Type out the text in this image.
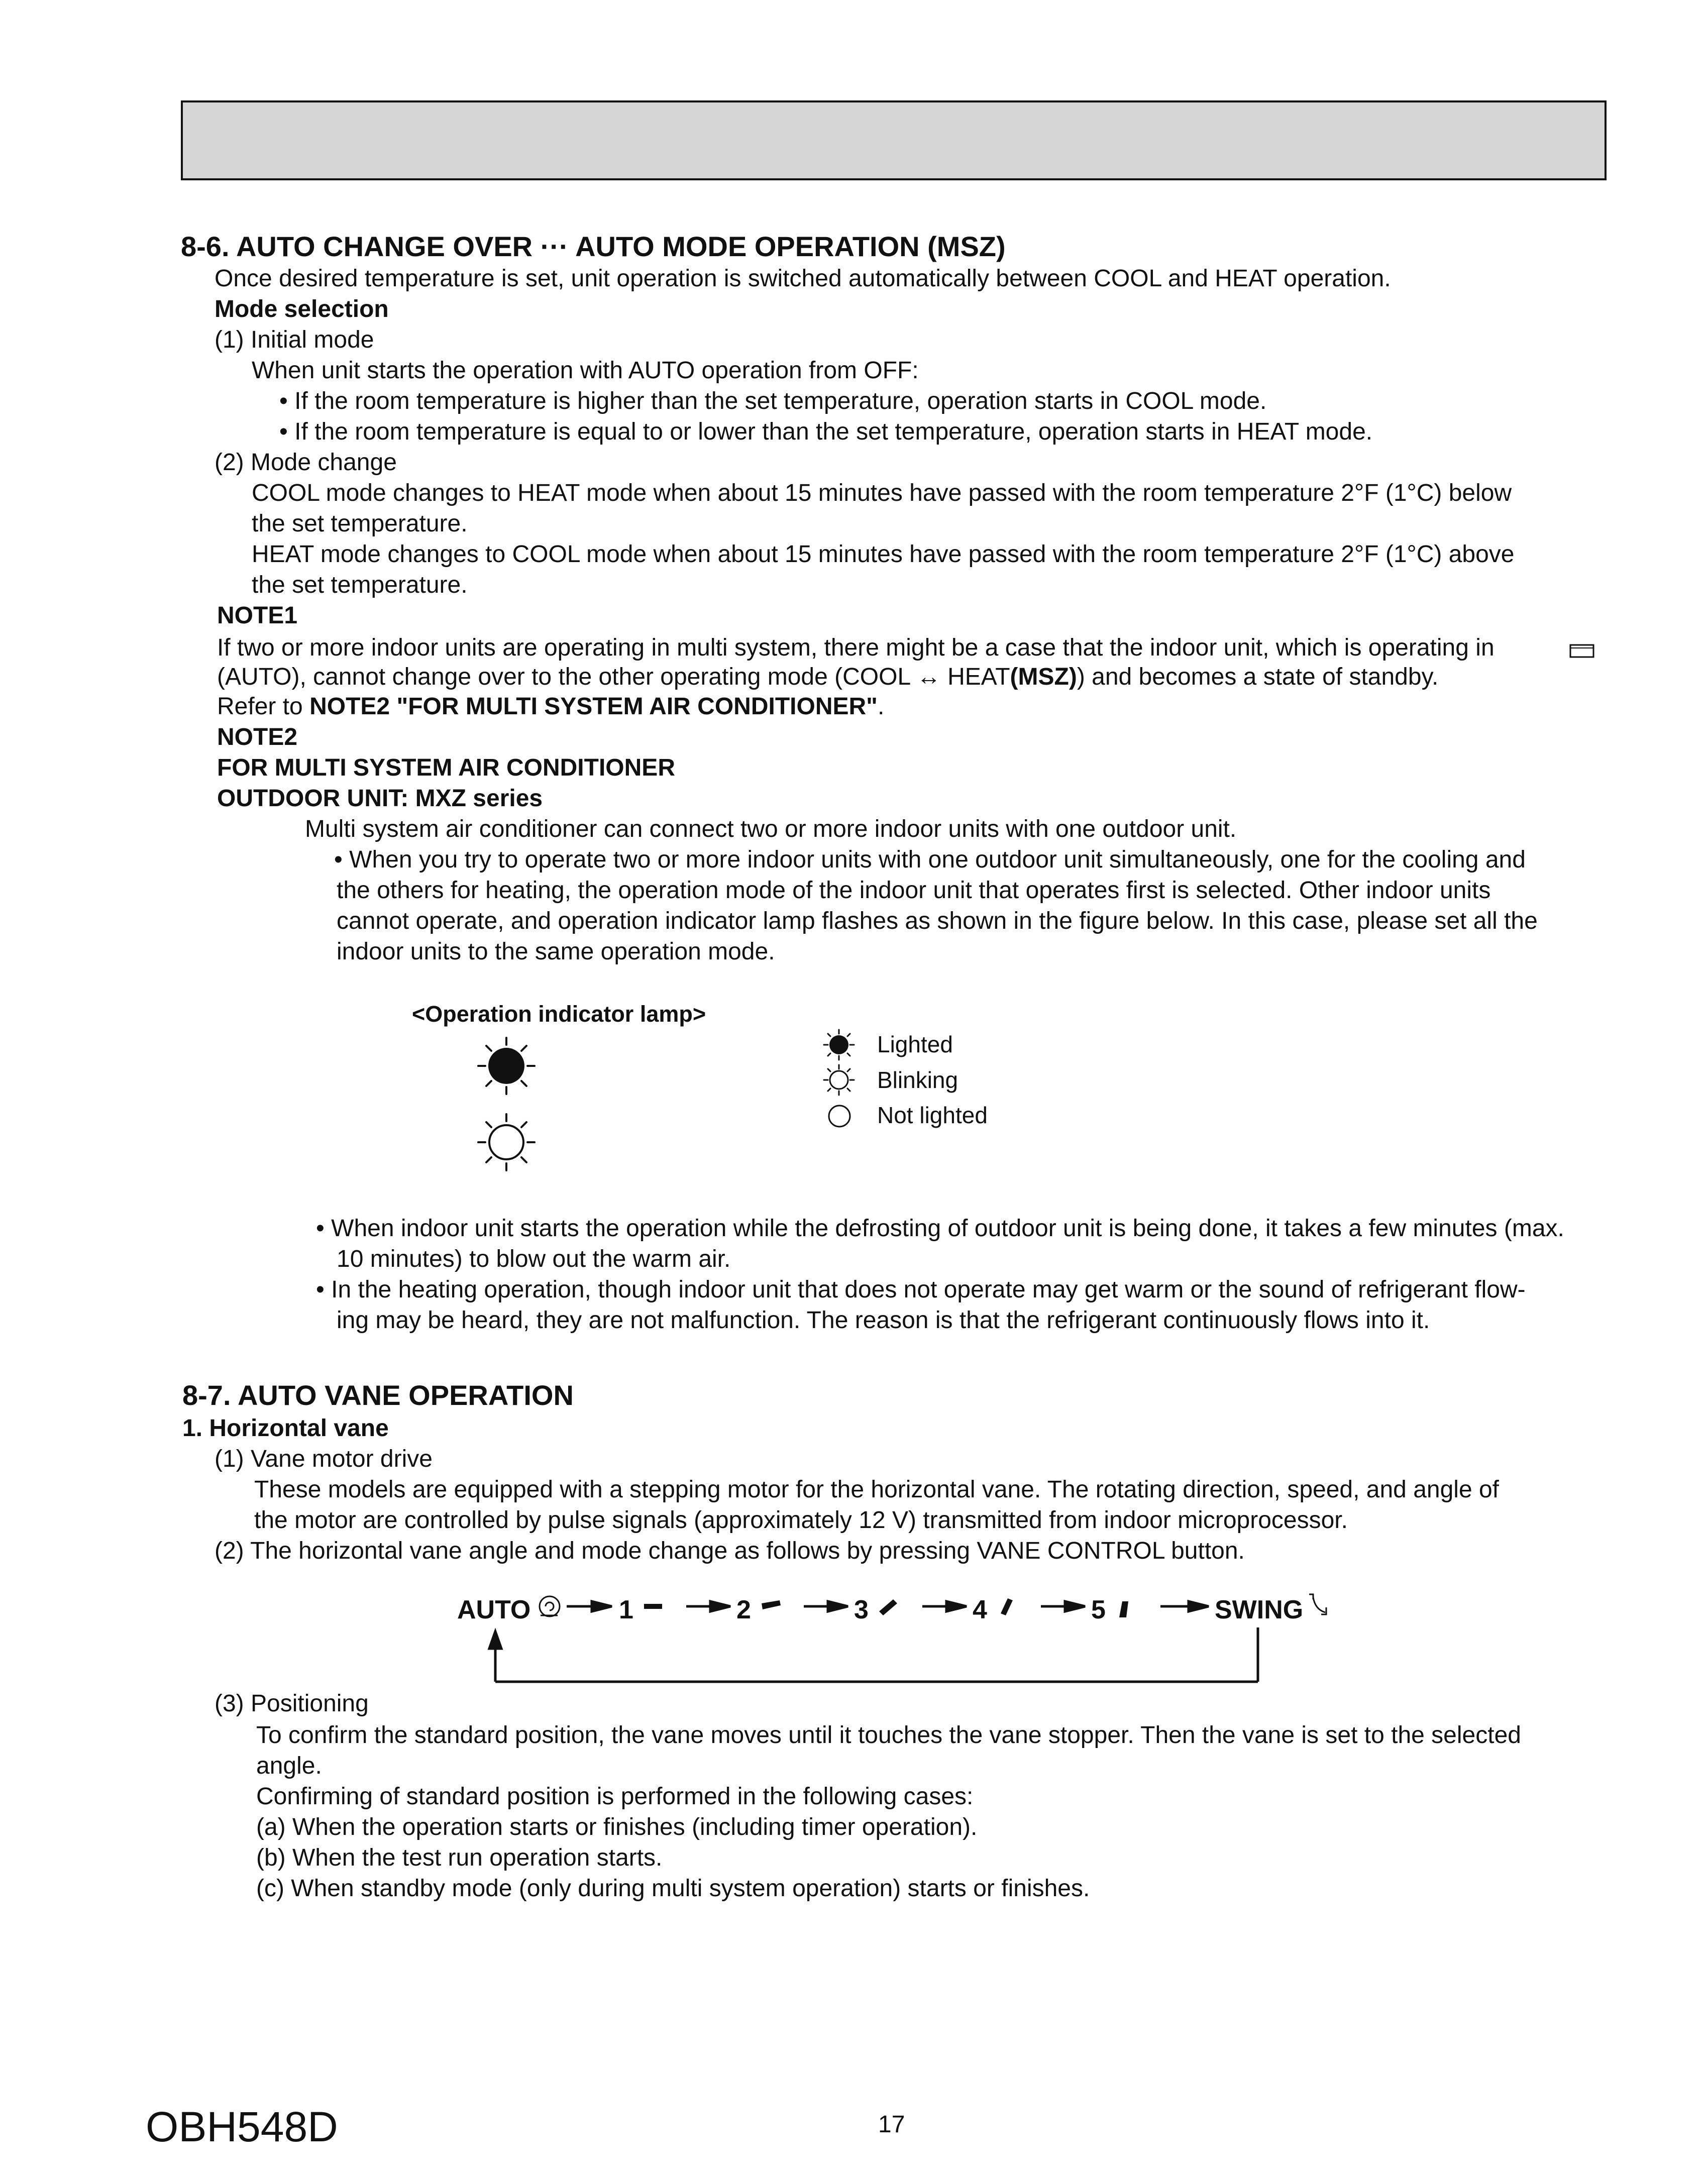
8-6. AUTO CHANGE OVER ··· AUTO MODE OPERATION (MSZ)
Once desired temperature is set, unit operation is switched automatically between COOL and HEAT operation.
Mode selection
(1) Initial mode
When unit starts the operation with AUTO operation from OFF:
• If the room temperature is higher than the set temperature, operation starts in COOL mode.
• If the room temperature is equal to or lower than the set temperature, operation starts in HEAT mode.
(2) Mode change
COOL mode changes to HEAT mode when about 15 minutes have passed with the room temperature 2°F (1°C) below
the set temperature.
HEAT mode changes to COOL mode when about 15 minutes have passed with the room temperature 2°F (1°C) above
the set temperature.
NOTE1
If two or more indoor units are operating in multi system, there might be a case that the indoor unit, which is operating in
(AUTO), cannot change over to the other operating mode (COOL ↔ HEAT(MSZ)) and becomes a state of standby.
Refer to NOTE2 "FOR MULTI SYSTEM AIR CONDITIONER".
NOTE2
FOR MULTI SYSTEM AIR CONDITIONER
OUTDOOR UNIT: MXZ series
Multi system air conditioner can connect two or more indoor units with one outdoor unit.
• When you try to operate two or more indoor units with one outdoor unit simultaneously, one for the cooling and
the others for heating, the operation mode of the indoor unit that operates first is selected. Other indoor units
cannot operate, and operation indicator lamp flashes as shown in the figure below. In this case, please set all the
indoor units to the same operation mode.
<Operation indicator lamp>
Lighted
Blinking
Not lighted
• When indoor unit starts the operation while the defrosting of outdoor unit is being done, it takes a few minutes (max.
10 minutes) to blow out the warm air.
• In the heating operation, though indoor unit that does not operate may get warm or the sound of refrigerant flow-
ing may be heard, they are not malfunction. The reason is that the refrigerant continuously flows into it.
8-7. AUTO VANE OPERATION
1. Horizontal vane
(1) Vane motor drive
These models are equipped with a stepping motor for the horizontal vane. The rotating direction, speed, and angle of
the motor are controlled by pulse signals (approximately 12 V) transmitted from indoor microprocessor.
(2) The horizontal vane angle and mode change as follows by pressing VANE CONTROL button.
AUTO	1	2	3	4	5	SWING
(3) Positioning
To confirm the standard position, the vane moves until it touches the vane stopper. Then the vane is set to the selected
angle.
Confirming of standard position is performed in the following cases:
(a) When the operation starts or finishes (including timer operation).
(b) When the test run operation starts.
(c) When standby mode (only during multi system operation) starts or finishes.
OBH548D	17
